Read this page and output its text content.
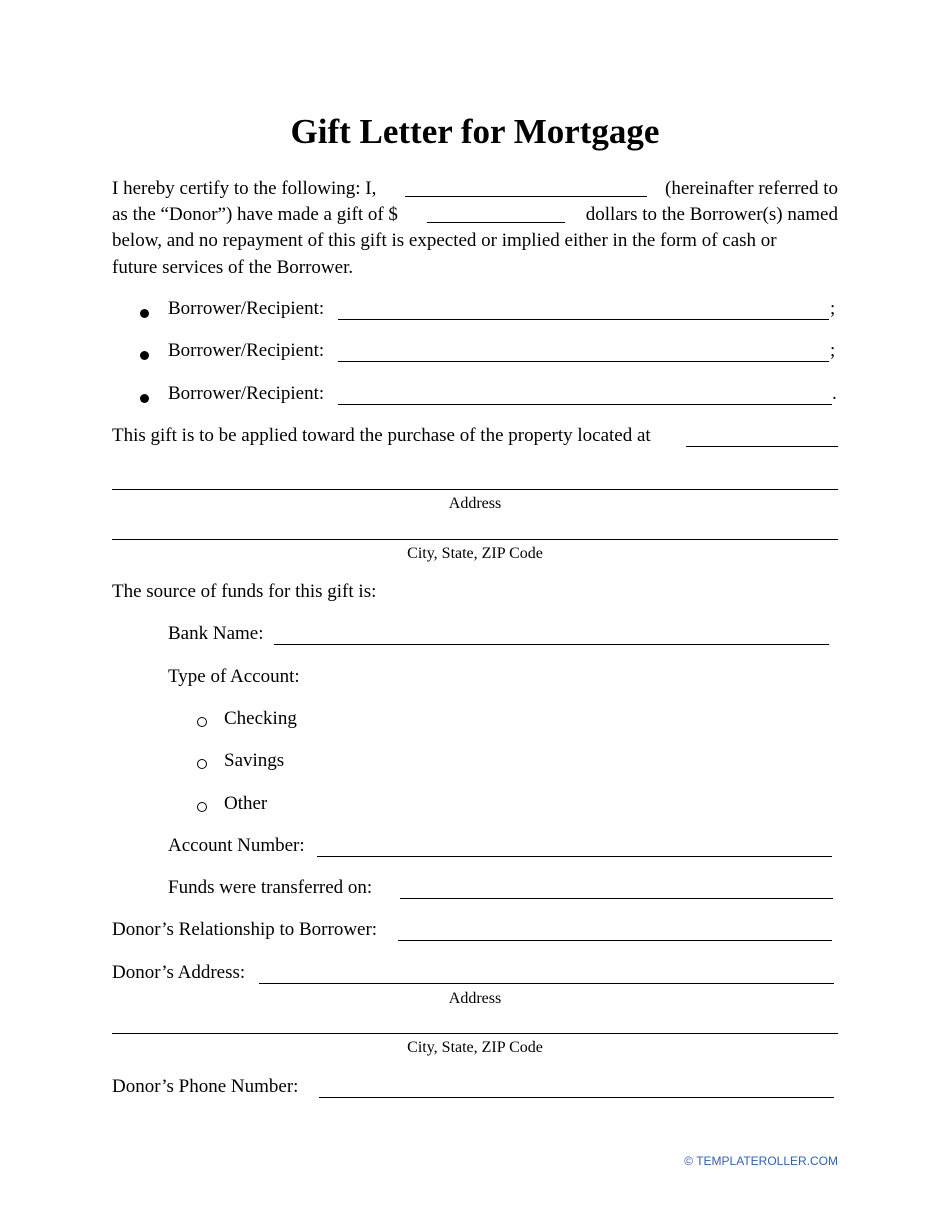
Gift Letter for Mortgage
I hereby certify to the following: I,	(hereinafter referred to
as the “Donor”) have made a gift of $	dollars to the Borrower(s) named
below, and no repayment of this gift is expected or implied either in the form of cash or
future services of the Borrower.
Borrower/Recipient:	;
Borrower/Recipient:	;
Borrower/Recipient:	.
This gift is to be applied toward the purchase of the property located at
Address
City, State, ZIP Code
The source of funds for this gift is:
Bank Name:
Type of Account:
Checking
Savings
Other
Account Number:
Funds were transferred on:
Donor’s Relationship to Borrower:
Donor’s Address:
Address
City, State, ZIP Code
Donor’s Phone Number:
© TEMPLATEROLLER.COM
